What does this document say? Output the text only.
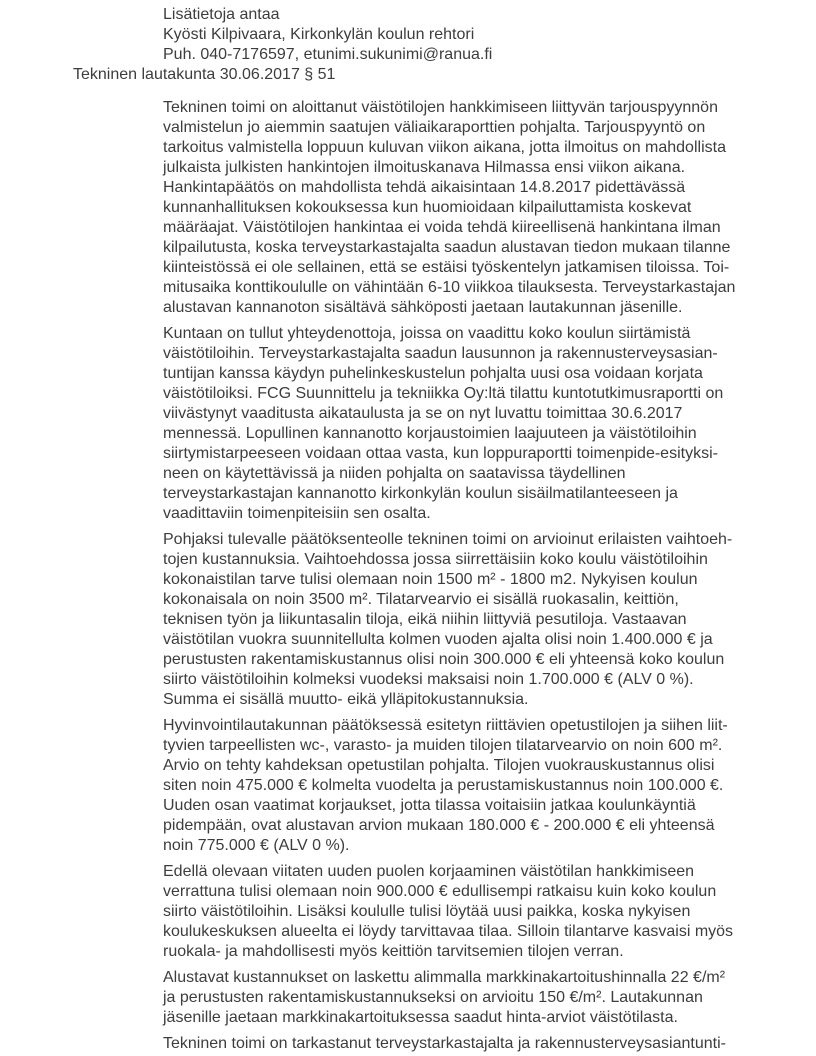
Lisätietoja antaa
Kyösti Kilpivaara, Kirkonkylän koulun rehtori
Puh. 040-7176597, etunimi.sukunimi@ranua.fi
Tekninen lautakunta 30.06.2017 § 51
Tekninen toimi on aloittanut väistötilojen hankkimiseen liittyvän tarjouspyynnön
valmistelun jo aiemmin saatujen väliaikaraporttien pohjalta. Tarjouspyyntö on
tarkoitus valmistella loppuun kuluvan viikon aikana, jotta ilmoitus on mahdollista
julkaista julkisten hankintojen ilmoituskanava Hilmassa ensi viikon aikana.
Hankintapäätös on mahdollista tehdä aikaisintaan 14.8.2017 pidettävässä
kunnanhallituksen kokouksessa kun huomioidaan kilpailuttamista koskevat
määräajat. Väistötilojen hankintaa ei voida tehdä kiireellisenä hankintana ilman
kilpailutusta, koska terveystarkastajalta saadun alustavan tiedon mukaan tilanne
kiinteistössä ei ole sellainen, että se estäisi työskentelyn jatkamisen tiloissa. Toi-
mitusaika konttikoululle on vähintään 6-10 viikkoa tilauksesta. Terveystarkastajan
alustavan kannanoton sisältävä sähköposti jaetaan lautakunnan jäsenille.
Kuntaan on tullut yhteydenottoja, joissa on vaadittu koko koulun siirtämistä
väistötiloihin. Terveystarkastajalta saadun lausunnon ja rakennusterveysasian-
tuntijan kanssa käydyn puhelinkeskustelun pohjalta uusi osa voidaan korjata
väistötiloiksi. FCG Suunnittelu ja tekniikka Oy:ltä tilattu kuntotutkimusraportti on
viivästynyt vaaditusta aikataulusta ja se on nyt luvattu toimittaa 30.6.2017
mennessä. Lopullinen kannanotto korjaustoimien laajuuteen ja väistötiloihin
siirtymistarpeeseen voidaan ottaa vasta, kun loppuraportti toimenpide-esityksi-
neen on käytettävissä ja niiden pohjalta on saatavissa täydellinen
terveystarkastajan kannanotto kirkonkylän koulun sisäilmatilanteeseen ja
vaadittaviin toimenpiteisiin sen osalta.
Pohjaksi tulevalle päätöksenteolle tekninen toimi on arvioinut erilaisten vaihtoeh-
tojen kustannuksia. Vaihtoehdossa jossa siirrettäisiin koko koulu väistötiloihin
kokonaistilan tarve tulisi olemaan noin 1500 m² - 1800 m2. Nykyisen koulun
kokonaisala on noin 3500 m². Tilatarvearvio ei sisällä ruokasalin, keittiön,
teknisen työn ja liikuntasalin tiloja, eikä niihin liittyviä pesutiloja. Vastaavan
väistötilan vuokra suunnitellulta kolmen vuoden ajalta olisi noin 1.400.000 € ja
perustusten rakentamiskustannus olisi noin 300.000 € eli yhteensä koko koulun
siirto väistötiloihin kolmeksi vuodeksi maksaisi noin 1.700.000 € (ALV 0 %).
Summa ei sisällä muutto- eikä ylläpitokustannuksia.
Hyvinvointilautakunnan päätöksessä esitetyn riittävien opetustilojen ja siihen liit-
tyvien tarpeellisten wc-, varasto- ja muiden tilojen tilatarvearvio on noin 600 m².
Arvio on tehty kahdeksan opetustilan pohjalta. Tilojen vuokrauskustannus olisi
siten noin 475.000 € kolmelta vuodelta ja perustamiskustannus noin 100.000 €.
Uuden osan vaatimat korjaukset, jotta tilassa voitaisiin jatkaa koulunkäyntiä
pidempään, ovat alustavan arvion mukaan 180.000 € - 200.000 € eli yhteensä
noin 775.000 € (ALV 0 %).
Edellä olevaan viitaten uuden puolen korjaaminen väistötilan hankkimiseen
verrattuna tulisi olemaan noin 900.000 € edullisempi ratkaisu kuin koko koulun
siirto väistötiloihin. Lisäksi koululle tulisi löytää uusi paikka, koska nykyisen
koulukeskuksen alueelta ei löydy tarvittavaa tilaa. Silloin tilantarve kasvaisi myös
ruokala- ja mahdollisesti myös keittiön tarvitsemien tilojen verran.
Alustavat kustannukset on laskettu alimmalla markkinakartoitushinnalla 22 €/m²
ja perustusten rakentamiskustannukseksi on arvioitu 150 €/m². Lautakunnan
jäsenille jaetaan markkinakartoituksessa saadut hinta-arviot väistötilasta.
Tekninen toimi on tarkastanut terveystarkastajalta ja rakennusterveysasiantunti-
